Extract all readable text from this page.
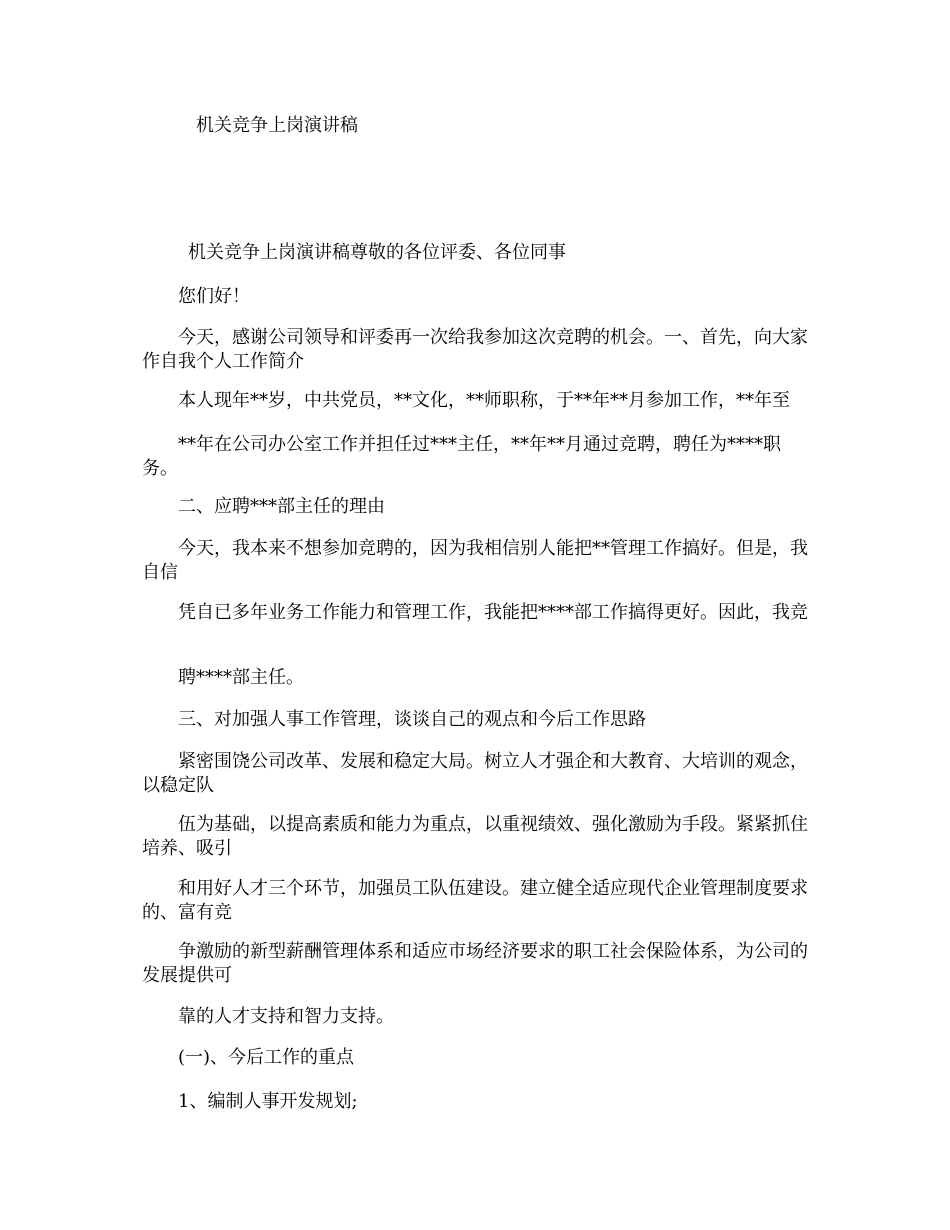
机关竞争上岗演讲稿
机关竞争上岗演讲稿尊敬的各位评委、各位同事
您们好！
今天，感谢公司领导和评委再一次给我参加这次竞聘的机会。一、首先，向大家作自我个人工作简介
本人现年**岁，中共党员，**文化，**师职称，于**年**月参加工作，**年至
**年在公司办公室工作并担任过***主任，**年**月通过竞聘，聘任为****职务。
二、应聘***部主任的理由
今天，我本来不想参加竞聘的，因为我相信别人能把**管理工作搞好。但是，我自信
凭自已多年业务工作能力和管理工作，我能把****部工作搞得更好。因此，我竞
聘****部主任。
三、对加强人事工作管理，谈谈自己的观点和今后工作思路
紧密围饶公司改革、发展和稳定大局。树立人才强企和大教育、大培训的观念，以稳定队
伍为基础，以提高素质和能力为重点，以重视绩效、强化激励为手段。紧紧抓住培养、吸引
和用好人才三个环节，加强员工队伍建设。建立健全适应现代企业管理制度要求的、富有竞
争激励的新型薪酬管理体系和适应市场经济要求的职工社会保险体系，为公司的发展提供可
靠的人才支持和智力支持。
(一)、今后工作的重点
1、编制人事开发规划;
